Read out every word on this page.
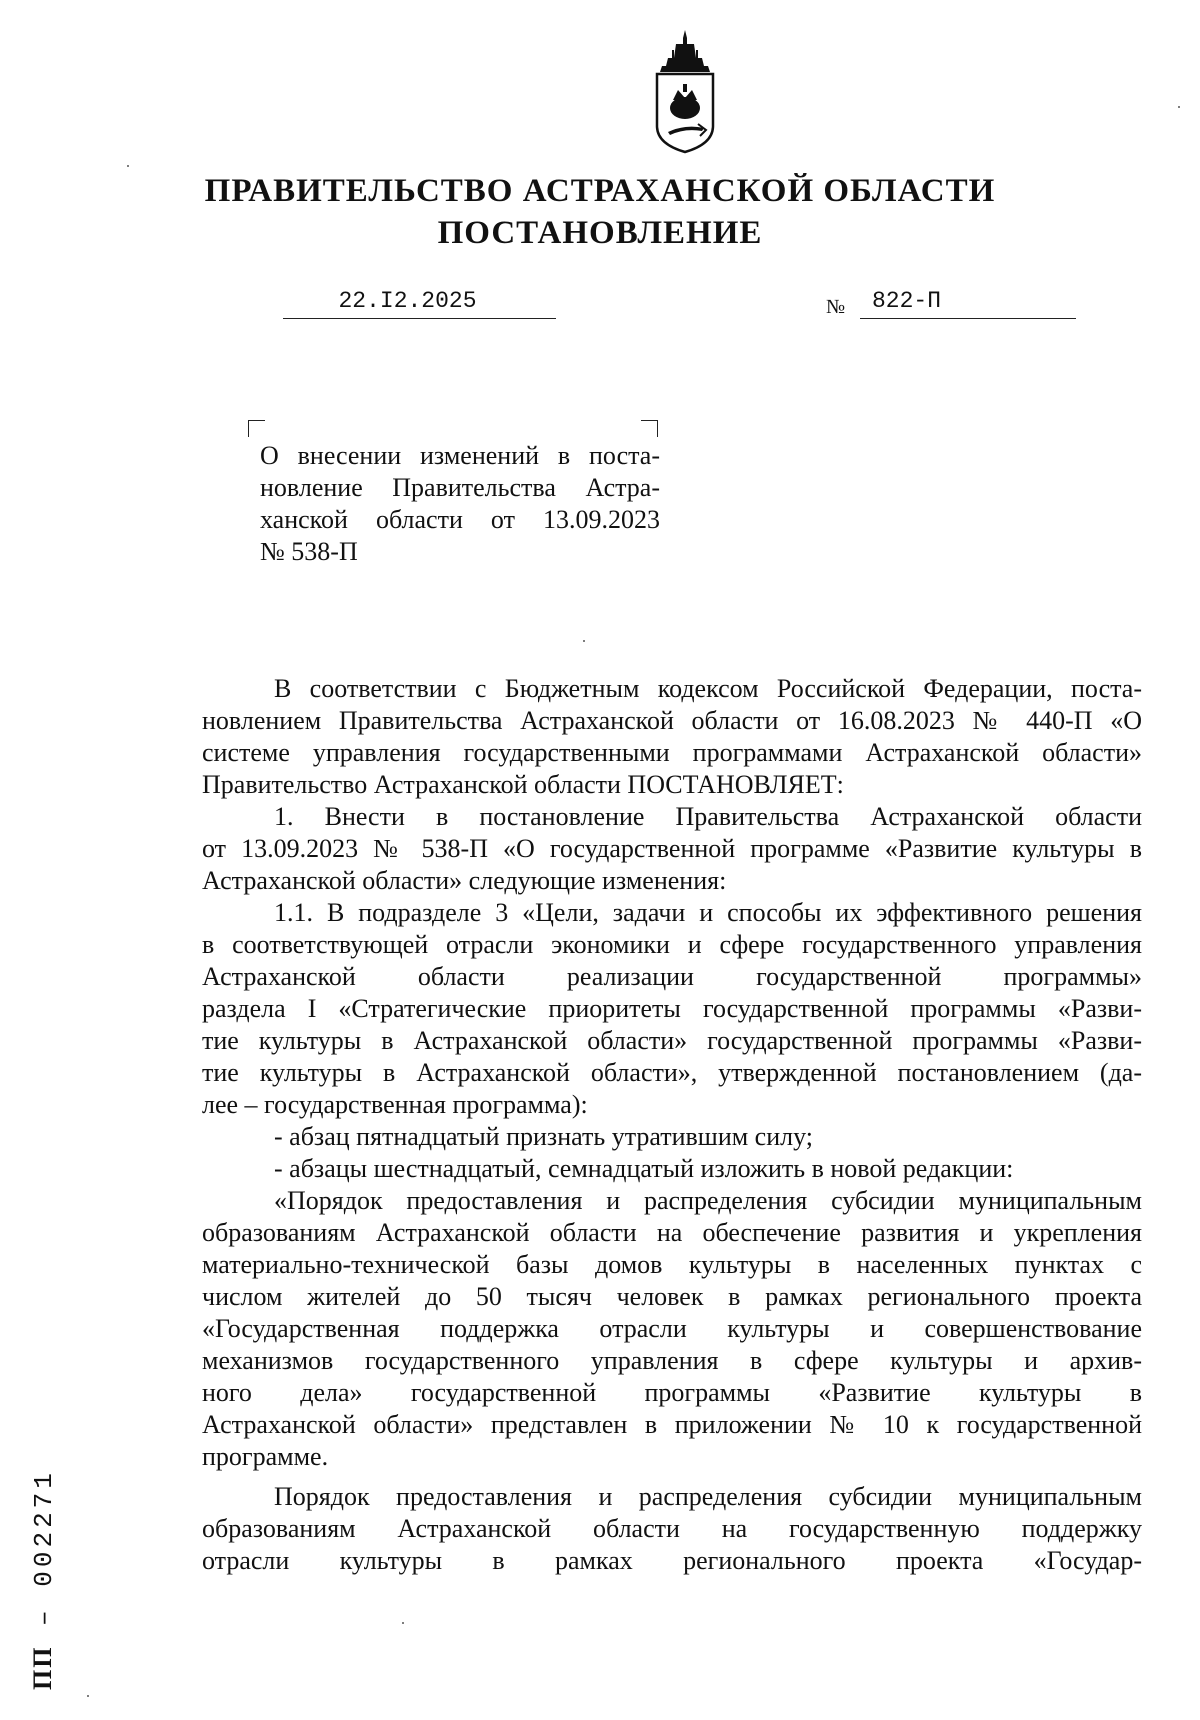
ПРАВИТЕЛЬСТВО АСТРАХАНСКОЙ ОБЛАСТИ
ПОСТАНОВЛЕНИЕ
22.I2.2025	№	822-П
О внесении изменений в поста-
новление Правительства Астра-
ханской области от 13.09.2023
№ 538-П
В соответствии с Бюджетным кодексом Российской Федерации, поста-
новлением Правительства Астраханской области от 16.08.2023 № 440-П «О
системе управления государственными программами Астраханской области»
Правительство Астраханской области ПОСТАНОВЛЯЕТ:
1. Внести в постановление Правительства Астраханской области
от 13.09.2023 № 538-П «О государственной программе «Развитие культуры в
Астраханской области» следующие изменения:
1.1. В подразделе 3 «Цели, задачи и способы их эффективного решения
в соответствующей отрасли экономики и сфере государственного управления
Астраханской области реализации государственной программы»
раздела I «Стратегические приоритеты государственной программы «Разви-
тие культуры в Астраханской области» государственной программы «Разви-
тие культуры в Астраханской области», утвержденной постановлением (да-
лее – государственная программа):
- абзац пятнадцатый признать утратившим силу;
- абзацы шестнадцатый, семнадцатый изложить в новой редакции:
«Порядок предоставления и распределения субсидии муниципальным
образованиям Астраханской области на обеспечение развития и укрепления
материально-технической базы домов культуры в населенных пунктах с
числом жителей до 50 тысяч человек в рамках регионального проекта
«Государственная поддержка отрасли культуры и совершенствование
механизмов государственного управления в сфере культуры и архив-
ного дела» государственной программы «Развитие культуры в
Астраханской области» представлен в приложении № 10 к государственной
программе.
Порядок предоставления и распределения субсидии муниципальным
образованиям Астраханской области на государственную поддержку
отрасли культуры в рамках регионального проекта «Государ-
ПП – 002271
